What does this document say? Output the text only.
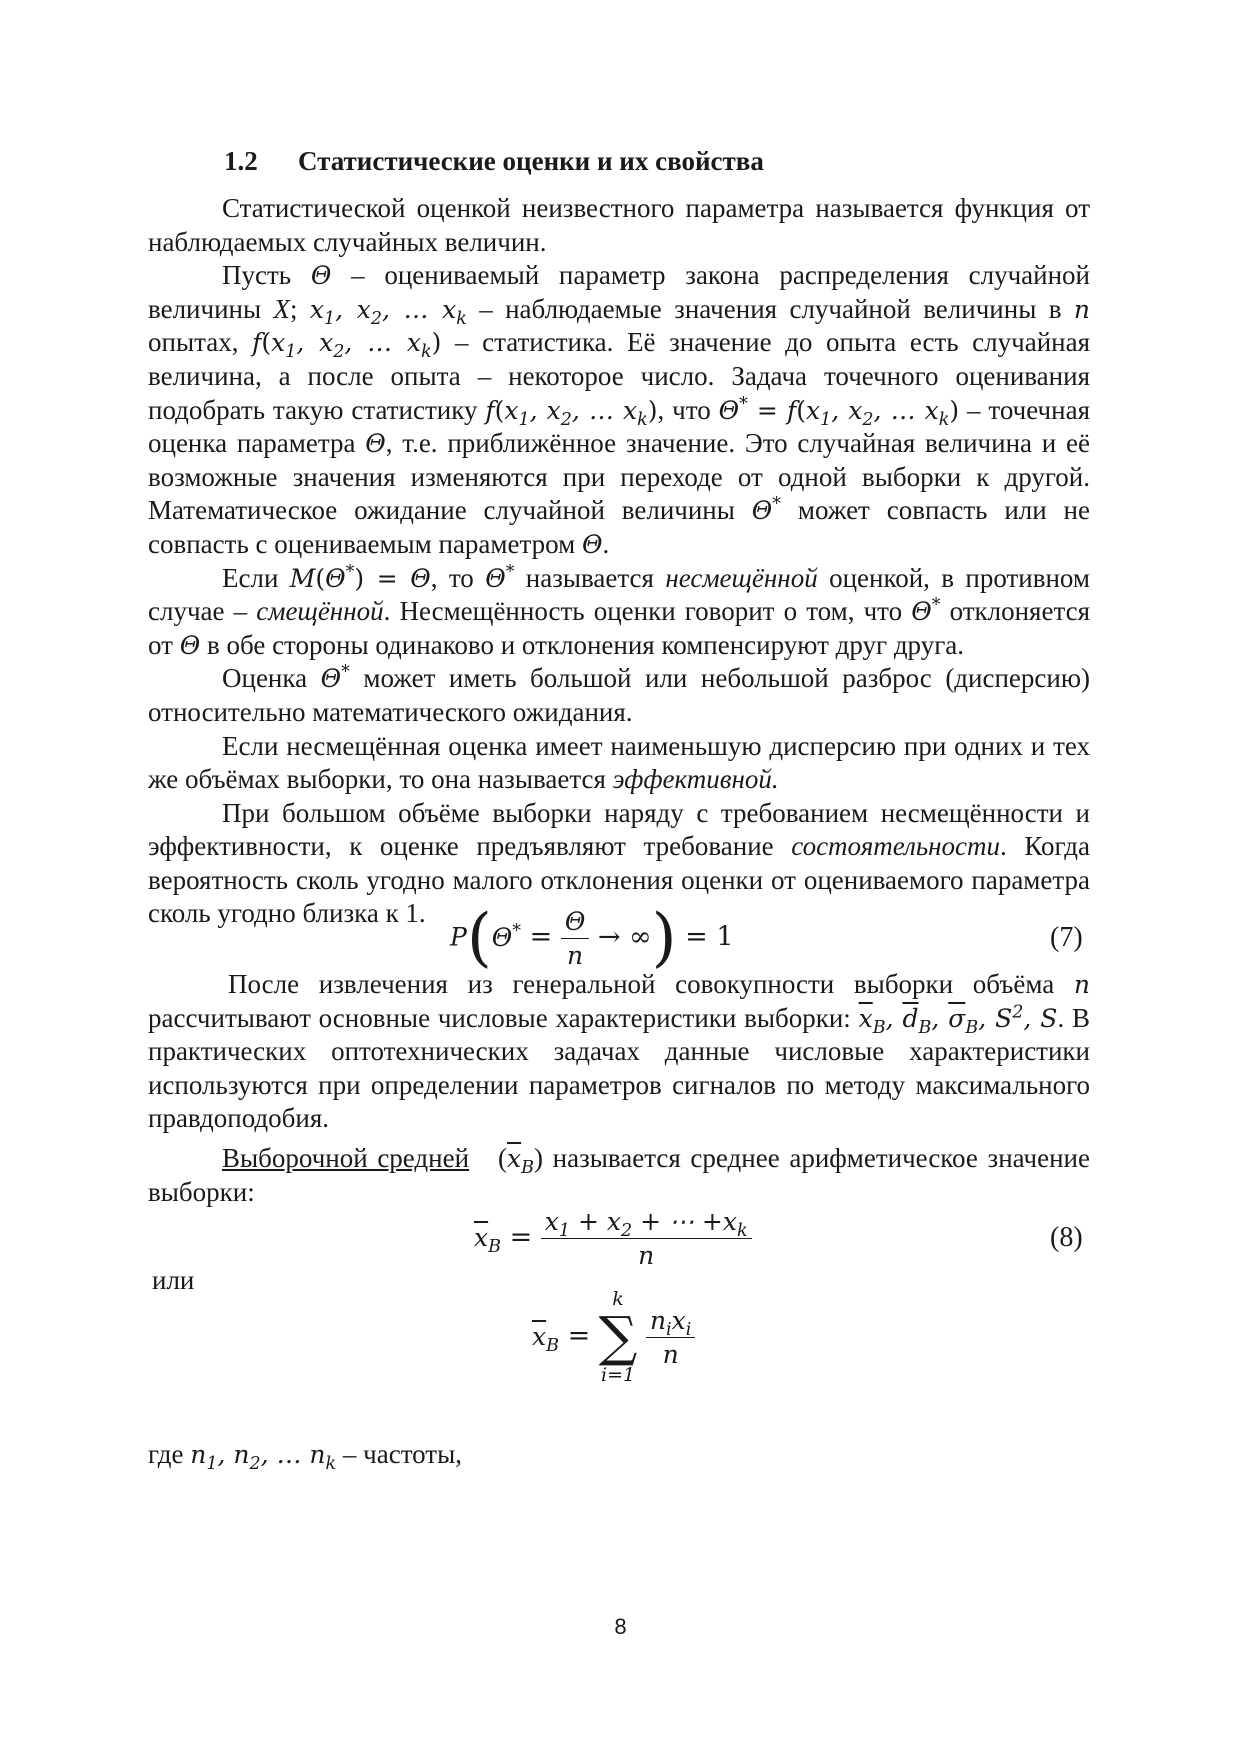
1.2 Статистические оценки и их свойства

Статистической оценкой неизвестного параметра называется функция от наблюдаемых случайных величин.

Пусть Θ – оцениваемый параметр закона распределения случайной величины X; $x_1$, $x_2$, … $x_k$ – наблюдаемые значения случайной величины в n опытах, $f(x_1$, $x_2$, … $x_k$) – статистика. Её значение до опыта есть случайная величина, а после опыта – некоторое число. Задача точечного оценивания подобрать такую статистику $f(x_1$, $x_2$, … $x_k$), что $\Theta^* = f(x_1$, $x_2$, … $x_k$) – точечная оценка параметра Θ, т.е. приближённое значение. Это случайная величина и её возможные значения изменяются при переходе от одной выборки к другой. Математическое ожидание случайной величины Θ* может совпасть или не совпасть с оцениваемым параметром Θ.

Если M(Θ*) = Θ, то Θ* называется несмещённой оценкой, в противном случае – смещённой. Несмещённость оценки говорит о том, что Θ* отклоняется от Θ в обе стороны одинаково и отклонения компенсируют друг друга.

Оценка Θ* может иметь большой или небольшой разброс (дисперсию) относительно математического ожидания.

Если несмещённая оценка имеет наименьшую дисперсию при одних и тех же объёмах выборки, то она называется эффективной.

При большом объёме выборки наряду с требованием несмещённости и эффективности, к оценке предъявляют требование состоятельности. Когда вероятность сколь угодно малого отклонения оценки от оцениваемого параметра сколь угодно близка к 1.

$P(\Theta^* = \frac{\Theta}{n}$ → ∞) = 1	(7)

После извлечения из генеральной совокупности выборки объёма n рассчитывают основные числовые характеристики выборки: $\overline{x}_B$, $\overline{d}_B$, $\overline{\sigma}_B$, $S^2$, S. В практических оптотехнических задачах данные числовые характеристики используются при определении параметров сигналов по методу максимального правдоподобия.

Выборочной средней   $(\overline{x}_B)$ называется среднее арифметическое значение выборки:

$\overline{x}_B = \frac{x_1 + x_2 + \cdots +x_k}{n}$	(8)
или
$\overline{x}_B$ =
k
∑
i=1

$\frac{n_ix_i}{n}$

где $n_1$, $n_2$, … $n_k$ – частоты,

8
